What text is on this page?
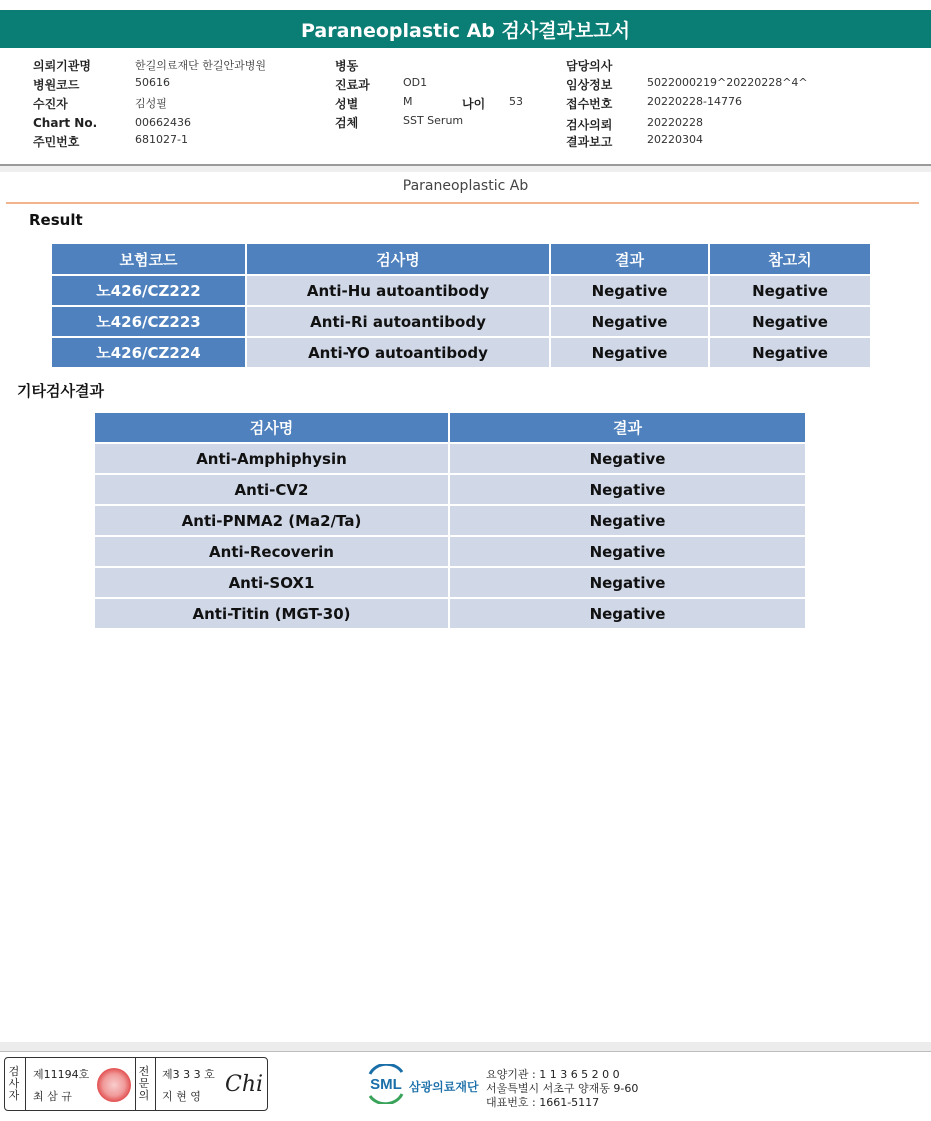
Paraneoplastic Ab 검사결과보고서
의뢰기관명	한길의료재단 한길안과병원
병원코드	50616
수진자	김성필
Chart No.	00662436
주민번호	681027-1
병동
진료과	OD1
성별	M	나이 53
검체	SST Serum
담당의사
임상정보	5022000219^20220228^4^
접수번호	20220228-14776
검사의뢰	20220228
결과보고	20220304
Paraneoplastic Ab
Result
보험코드	검사명	결과	참고치
노426/CZ222	Anti-Hu autoantibody	Negative	Negative
노426/CZ223	Anti-Ri autoantibody	Negative	Negative
노426/CZ224	Anti-YO autoantibody	Negative	Negative
기타검사결과
검사명	결과
Anti-Amphiphysin	Negative
Anti-CV2	Negative
Anti-PNMA2 (Ma2/Ta)	Negative
Anti-Recoverin	Negative
Anti-SOX1	Negative
Anti-Titin (MGT-30)	Negative
검사자
제11194호
최 삼 규
전문의
제3 3 3 호
지 현 영 Chi	SML 삼광의료재단
요양기관 : 1 1 3 6 5 2 0 0
서울특별시 서초구 양재동 9-60
대표번호 : 1661-5117
